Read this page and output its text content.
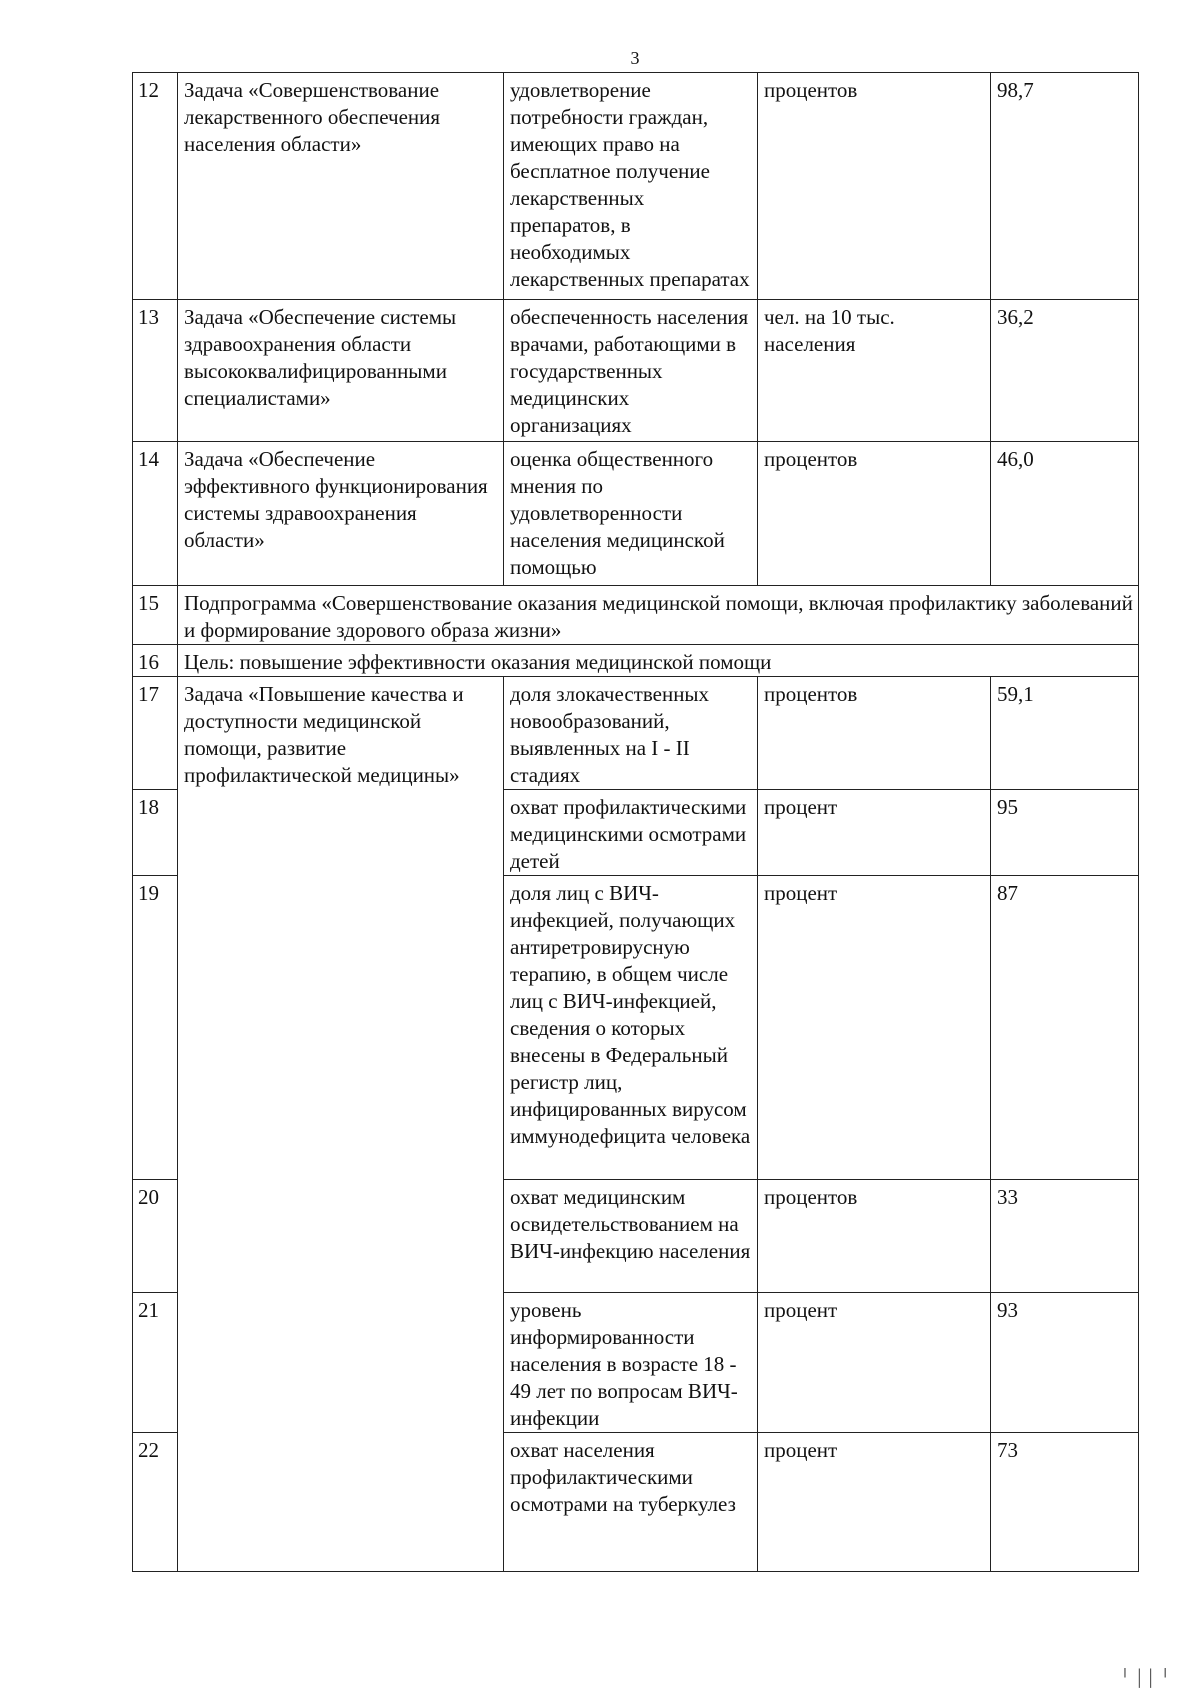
3
12	Задача «Совершенствование лекарственного обеспечения населения области»	удовлетворение потребности граждан, имеющих право на бесплатное получение лекарственных препаратов, в необходимых лекарственных препаратах	процентов	98,7
13	Задача «Обеспечение системы здравоохранения области высококвалифицированными специалистами»	обеспеченность населения врачами, работающими в государственных медицинских организациях	чел. на 10 тыс. населения	36,2
14	Задача «Обеспечение эффективного функционирования системы здравоохранения области»	оценка общественного мнения по удовлетворенности населения медицинской помощью	процентов	46,0
15	Подпрограмма «Совершенствование оказания медицинской помощи, включая профилактику заболеваний и формирование здорового образа жизни»			
16	Цель: повышение эффективности оказания медицинской помощи			
17	Задача «Повышение качества и доступности медицинской помощи, развитие профилактической медицины»	доля злокачественных новообразований, выявленных на I - II стадиях	процентов	59,1
18		охват профилактическими медицинскими осмотрами детей	процент	95
19		доля лиц с ВИЧ-инфекцией, получающих антиретровирусную терапию, в общем числе лиц с ВИЧ-инфекцией, сведения о которых внесены в Федеральный регистр лиц, инфицированных вирусом иммунодефицита человека	процент	87
20		охват медицинским освидетельствованием на ВИЧ-инфекцию населения	процентов	33
21		уровень информированности населения в возрасте 18 - 49 лет по вопросам ВИЧ-инфекции	процент	93
22		охват населения профилактическими осмотрами на туберкулез	процент	73
╵ ││ ╵
